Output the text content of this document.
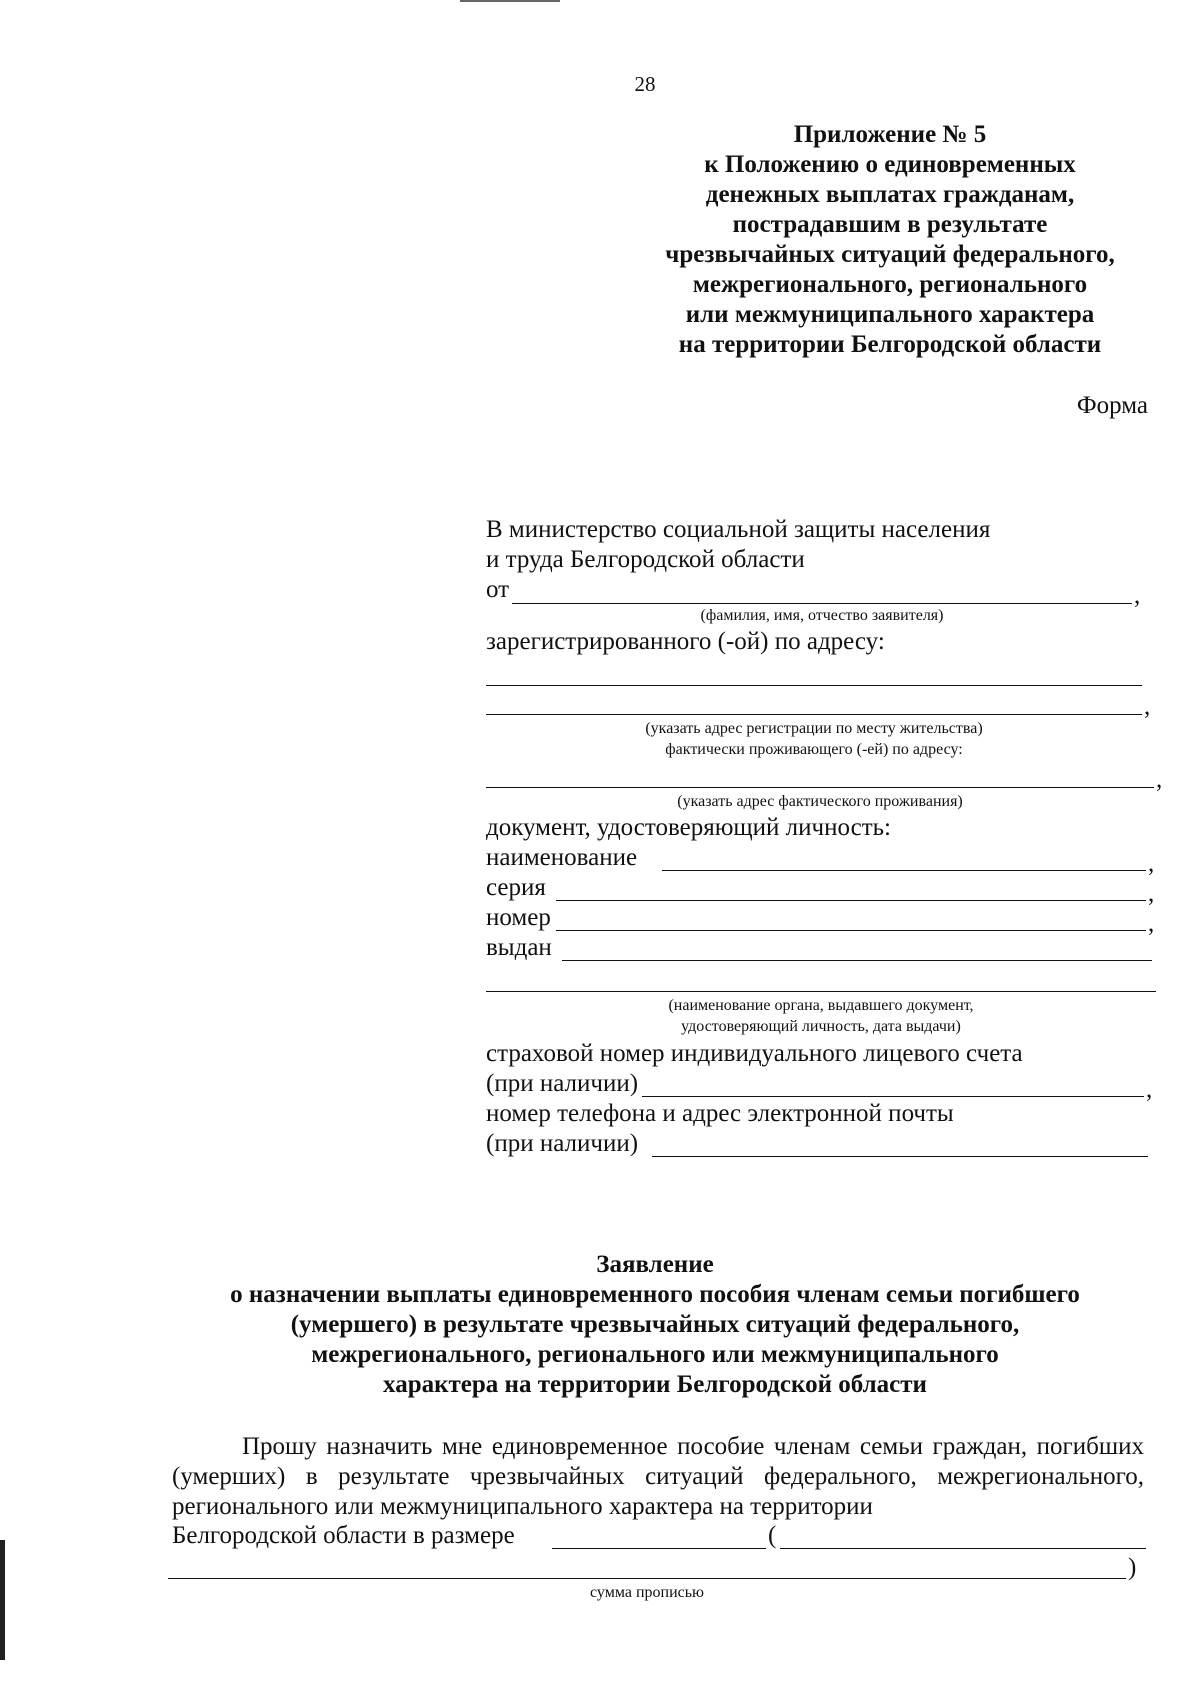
28
Приложение № 5
к Положению о единовременных
денежных выплатах гражданам,
пострадавшим в результате
чрезвычайных ситуаций федерального,
межрегионального, регионального
или межмуниципального характера
на территории Белгородской области
Форма
В министерство социальной защиты населения
и труда Белгородской области
от	,
(фамилия, имя, отчество заявителя)
зарегистрированного (-ой) по адресу:
,
(указать адрес регистрации по месту жительства)
фактически проживающего (-ей) по адресу:
,
(указать адрес фактического проживания)
документ, удостоверяющий личность:
наименование	,
серия	,
номер	,
выдан
(наименование органа, выдавшего документ,
удостоверяющий личность, дата выдачи)
страховой номер индивидуального лицевого счета
(при наличии)	,
номер телефона и адрес электронной почты
(при наличии)
Заявление
о назначении выплаты единовременного пособия членам семьи погибшего
(умершего) в результате чрезвычайных ситуаций федерального,
межрегионального, регионального или межмуниципального
характера на территории Белгородской области
Прошу назначить мне единовременное пособие членам семьи граждан, погибших (умерших) в результате чрезвычайных ситуаций федерального, межрегионального, регионального или межмуниципального характера на территории
Белгородской области в размере	(
)
сумма прописью
